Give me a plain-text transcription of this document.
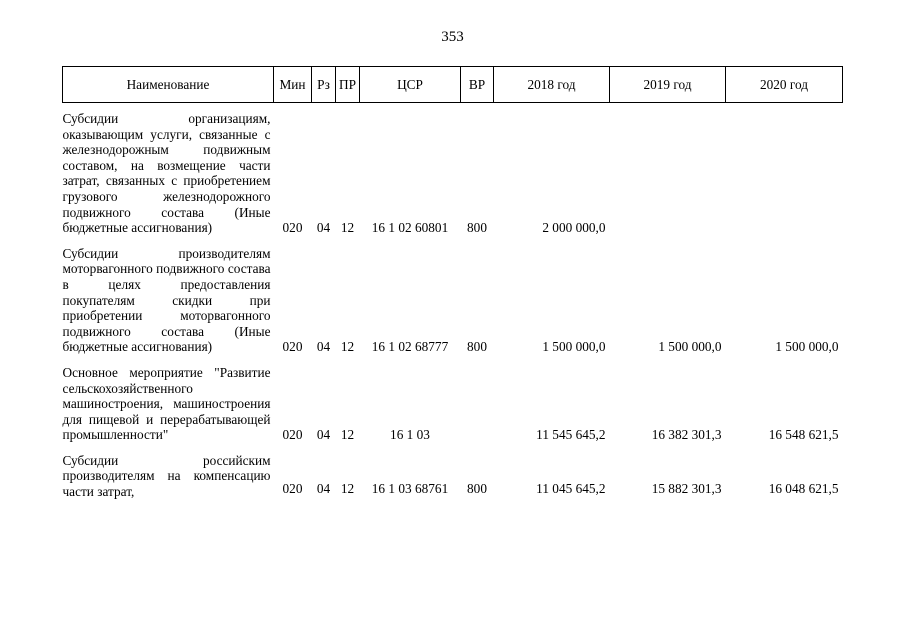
353
Наименование	Мин	Рз	ПР	ЦСР	ВР	2018 год	2019 год	2020 год
Субсидии организациям, оказывающим услуги, связанные с железнодорожным подвижным составом, на возмещение части затрат, связанных с приобретением грузового железнодорожного подвижного состава (Иные бюджетные ассигнования)	020	04	12	16 1 02 60801	800	2 000 000,0		
Субсидии производителям моторвагонного подвижного состава в целях предоставления покупателям скидки при приобретении моторвагонного подвижного состава (Иные бюджетные ассигнования)	020	04	12	16 1 02 68777	800	1 500 000,0	1 500 000,0	1 500 000,0
Основное мероприятие "Развитие сельскохозяйственного машиностроения, машиностроения для пищевой и перерабатывающей промышленности"	020	04	12	16 1 03		11 545 645,2	16 382 301,3	16 548 621,5
Субсидии российским производителям на компенсацию части затрат,	020	04	12	16 1 03 68761	800	11 045 645,2	15 882 301,3	16 048 621,5
